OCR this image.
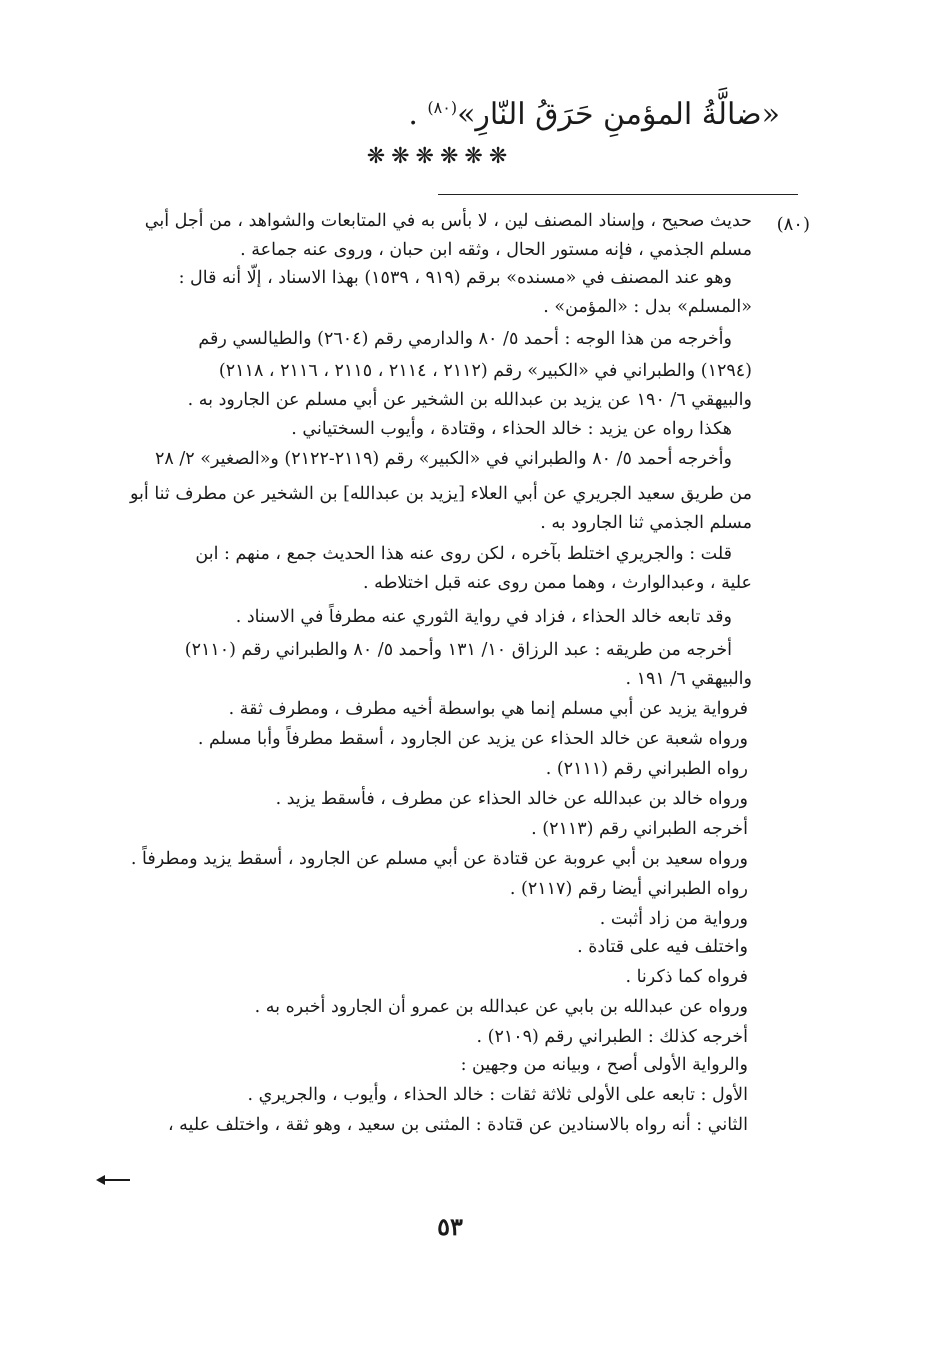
«ضالَّةُ المؤمنِ حَرَقُ النّارِ»$^{(٨٠)}$ .
❋❋❋❋❋❋
(٨٠)
حديث صحيح ، وإسناد المصنف لين ، لا بأس به في المتابعات والشواهد ، من أجل أبي
مسلم الجذمي ، فإنه مستور الحال ، وثقه ابن حبان ، وروى عنه جماعة .
وهو عند المصنف في «مسنده» برقم (٩١٩ ، ١٥٣٩) بهذا الاسناد ، إلّا أنه قال :
«المسلم» بدل : «المؤمن» .
وأخرجه من هذا الوجه : أحمد ٥/ ٨٠ والدارمي رقم (٢٦٠٤) والطيالسي رقم
(١٢٩٤) والطبراني في «الكبير» رقم (٢١١٢ ، ٢١١٤ ، ٢١١٥ ، ٢١١٦ ، ٢١١٨)
والبيهقي ٦/ ١٩٠ عن يزيد بن عبدالله بن الشخير عن أبي مسلم عن الجارود به .
هكذا رواه عن يزيد : خالد الحذاء ، وقتادة ، وأيوب السختياني .
وأخرجه أحمد ٥/ ٨٠ والطبراني في «الكبير» رقم (٢١١٩-٢١٢٢) و«الصغير» ٢/ ٢٨
من طريق سعيد الجريري عن أبي العلاء [يزيد بن عبدالله] بن الشخير عن مطرف ثنا أبو
مسلم الجذمي ثنا الجارود به .
قلت : والجريري اختلط بآخره ، لكن روى عنه هذا الحديث جمع ، منهم : ابن
علية ، وعبدالوارث ، وهما ممن روى عنه قبل اختلاطه .
وقد تابعه خالد الحذاء ، فزاد في رواية الثوري عنه مطرفاً في الاسناد .
أخرجه من طريقه : عبد الرزاق ١٠/ ١٣١ وأحمد ٥/ ٨٠ والطبراني رقم (٢١١٠)
والبيهقي ٦/ ١٩١ .
فرواية يزيد عن أبي مسلم إنما هي بواسطة أخيه مطرف ، ومطرف ثقة .
ورواه شعبة عن خالد الحذاء عن يزيد عن الجارود ، أسقط مطرفاً وأبا مسلم .
رواه الطبراني رقم (٢١١١) .
ورواه خالد بن عبدالله عن خالد الحذاء عن مطرف ، فأسقط يزيد .
أخرجه الطبراني رقم (٢١١٣) .
ورواه سعيد بن أبي عروبة عن قتادة عن أبي مسلم عن الجارود ، أسقط يزيد ومطرفاً .
رواه الطبراني أيضا رقم (٢١١٧) .
ورواية من زاد أثبت .
واختلف فيه على قتادة .
فرواه كما ذكرنا .
ورواه عن عبدالله بن بابي عن عبدالله بن عمرو أن الجارود أخبره به .
أخرجه كذلك : الطبراني رقم (٢١٠٩) .
والرواية الأولى أصح ، وبيانه من وجهين :
الأول : تابعه على الأولى ثلاثة ثقات : خالد الحذاء ، وأيوب ، والجريري .
الثاني : أنه رواه بالاسنادين عن قتادة : المثنى بن سعيد ، وهو ثقة ، واختلف عليه ،
٥٣
